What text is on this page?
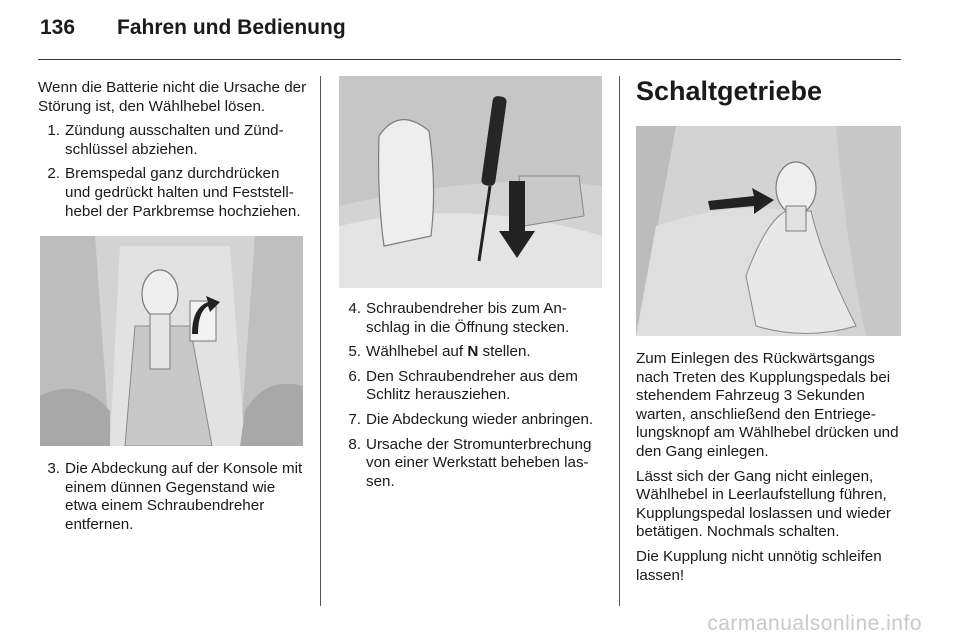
136 Fahren und Bedienung

Wenn die Batterie nicht die Ursache der Störung ist, den Wählhebel lösen.

1. Zündung ausschalten und Zündschlüssel abziehen.
2. Bremspedal ganz durchdrücken und gedrückt halten und Feststellhebel der Parkbremse hochziehen.
3. Die Abdeckung auf der Konsole mit einem dünnen Gegenstand wie etwa einem Schraubendreher entfernen.
4. Schraubendreher bis zum Anschlag in die Öffnung stecken.
5. Wählhebel auf N stellen.
6. Den Schraubendreher aus dem Schlitz herausziehen.
7. Die Abdeckung wieder anbringen.
8. Ursache der Stromunterbrechung von einer Werkstatt beheben lassen.
Schaltgetriebe

Zum Einlegen des Rückwärtsgangs nach Treten des Kupplungspedals bei stehendem Fahrzeug 3 Sekunden warten, anschließend den Entriegelungsknopf am Wählhebel drücken und den Gang einlegen.

Lässt sich der Gang nicht einlegen, Wählhebel in Leerlaufstellung führen, Kupplungspedal loslassen und wieder betätigen. Nochmals schalten.

Die Kupplung nicht unnötig schleifen lassen!

carmanualsonline.info
